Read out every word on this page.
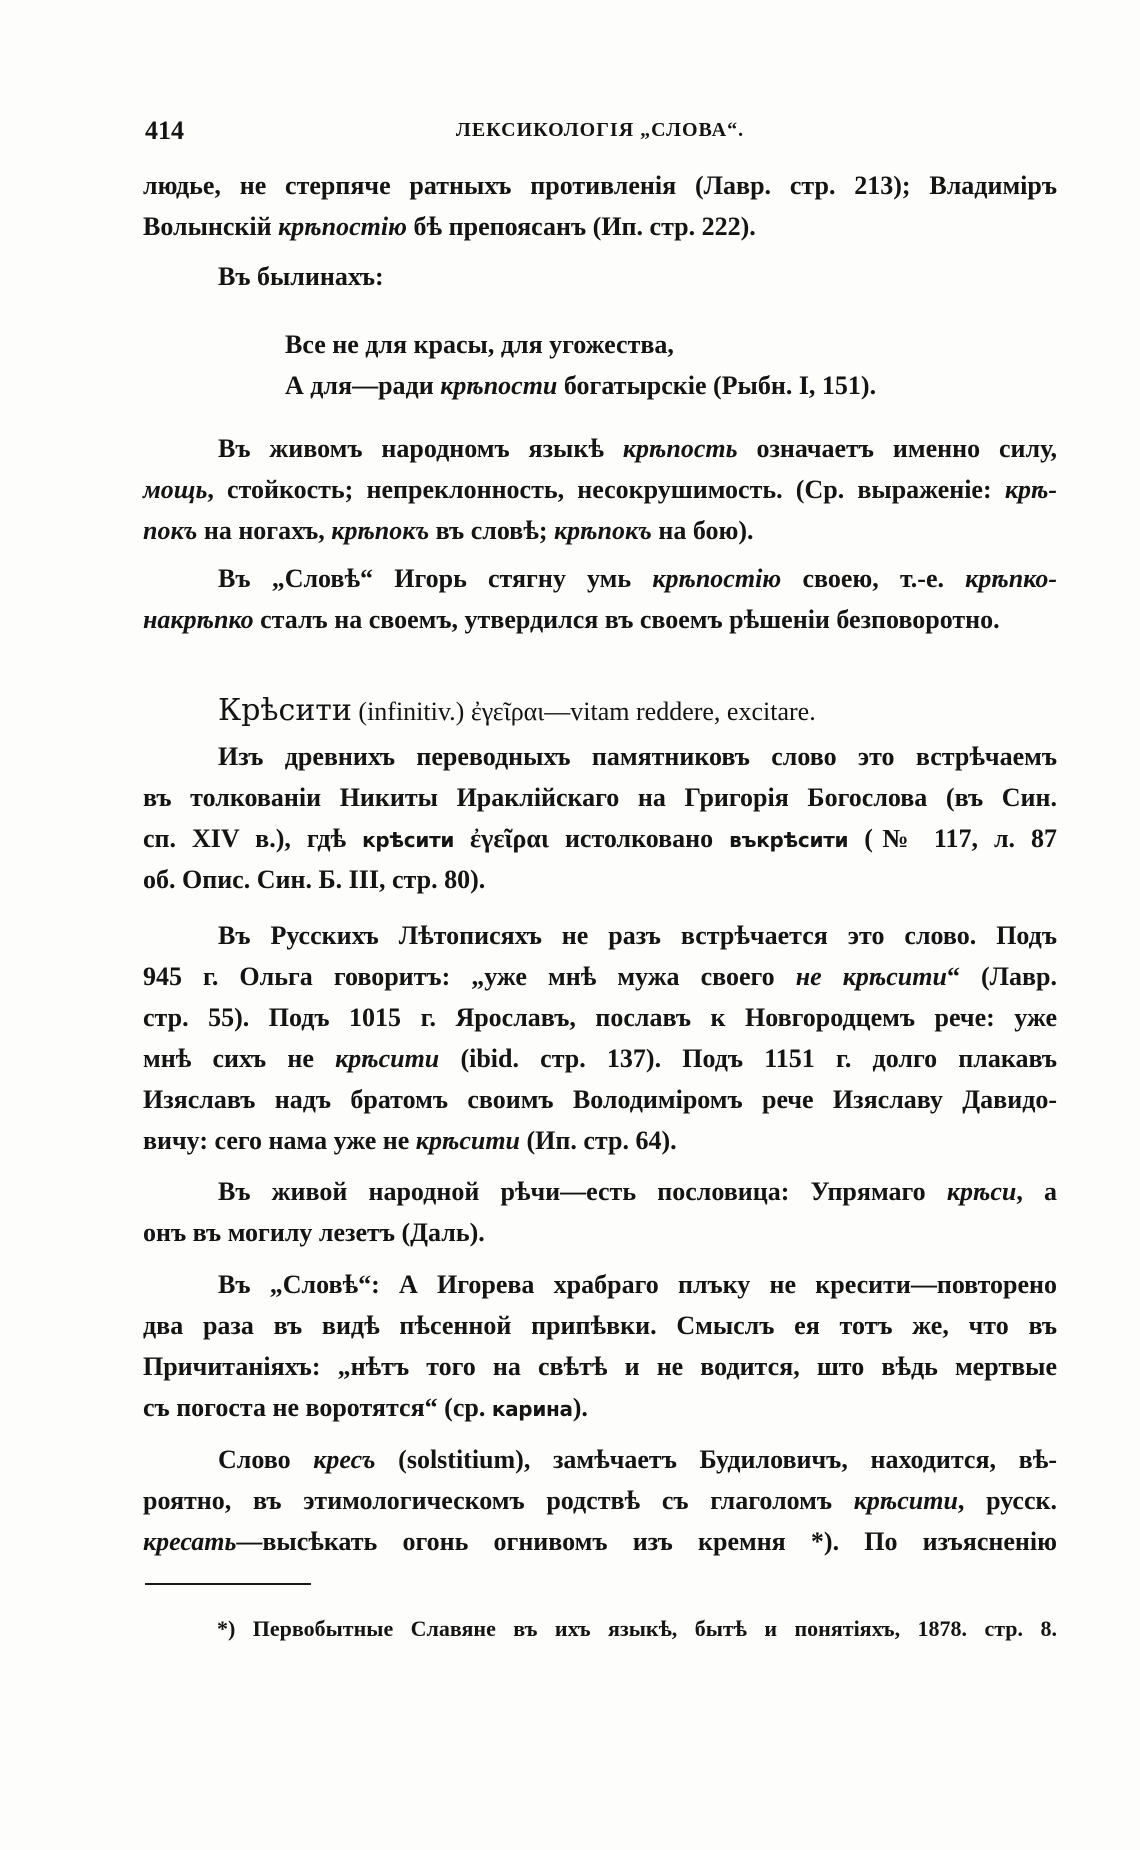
414	ЛЕКСИКОЛОГІЯ „СЛОВА“.
людье, не стерпяче ратныхъ противленія (Лавр. стр. 213); Владиміръ
Волынскій крѣпостію бѣ препоясанъ (Ип. стр. 222).
Въ былинахъ:
Все не для красы, для угожества,
А для—ради крѣпости богатырскіе (Рыбн. I, 151).
Въ живомъ народномъ языкѣ крѣпость означаетъ именно силу,
мощь, стойкость; непреклонность, несокрушимость. (Ср. выраженіе: крѣ-
покъ на ногахъ, крѣпокъ въ словѣ; крѣпокъ на бою).
Въ „Словѣ“ Игорь стягну умь крѣпостію своею, т.-е. крѣпко-
накрѣпко сталъ на своемъ, утвердился въ своемъ рѣшеніи безповоротно.
Крѣсити (infinitiv.) ἐγεῖραι—vitam reddere, excitare.
Изъ древнихъ переводныхъ памятниковъ слово это встрѣчаемъ
въ толкованіи Никиты Ираклійскаго на Григорія Богослова (въ Син.
сп. XIV в.), гдѣ крѣсити ἐγεῖραι истолковано въкрѣсити (№ 117, л. 87
об. Опис. Син. Б. III, стр. 80).
Въ Русскихъ Лѣтописяхъ не разъ встрѣчается это слово. Подъ
945 г. Ольга говоритъ: „уже мнѣ мужа своего не крѣсити“ (Лавр.
стр. 55). Подъ 1015 г. Ярославъ, пославъ к Новгородцемъ рече: уже
мнѣ сихъ не крѣсити (ibid. стр. 137). Подъ 1151 г. долго плакавъ
Изяславъ надъ братомъ своимъ Володиміромъ рече Изяславу Давидо-
вичу: сего нама уже не крѣсити (Ип. стр. 64).
Въ живой народной рѣчи—есть пословица: Упрямаго крѣси, а
онъ въ могилу лезетъ (Даль).
Въ „Словѣ“: А Игорева храбраго плъку не кресити—повторено
два раза въ видѣ пѣсенной припѣвки. Смыслъ ея тотъ же, что въ
Причитаніяхъ: „нѣтъ того на свѣтѣ и не водится, што вѣдь мертвые
съ погоста не воротятся“ (ср. карина).
Слово кресъ (solstitium), замѣчаетъ Будиловичъ, находится, вѣ-
роятно, въ этимологическомъ родствѣ съ глаголомъ крѣсити, русск.
кресать—высѣкать огонь огнивомъ изъ кремня *). По изъясненію
*) Первобытные Славяне въ ихъ языкѣ, бытѣ и понятіяхъ, 1878. стр. 8.
